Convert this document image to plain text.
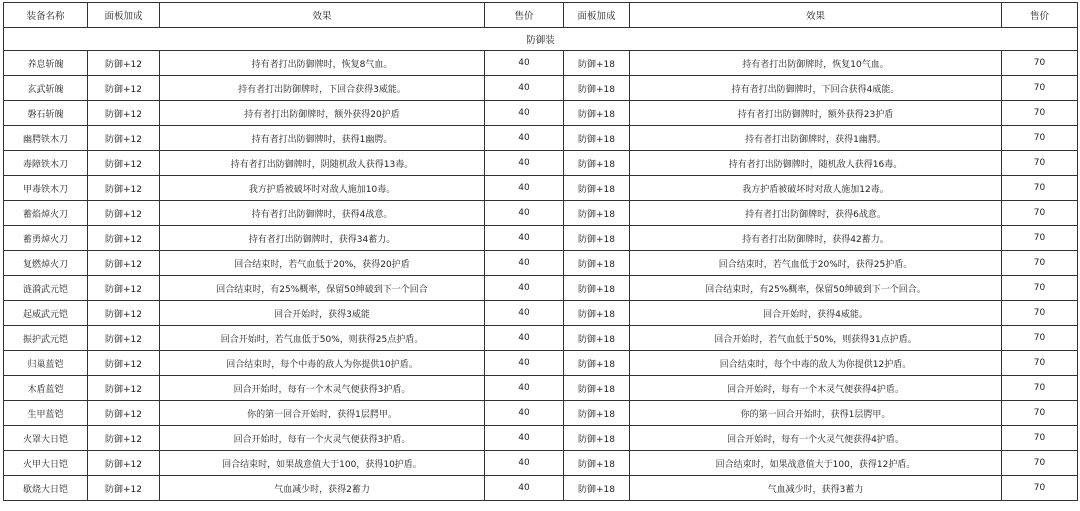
装备名称	面板加成	效果	售价	面板加成	效果	售价
防御装						
养息斩魄	防御+12	持有者打出防御牌时，恢复8气血。	40	防御+18	持有者打出防御牌时，恢复10气血。	70
玄武斩魄	防御+12	持有者打出防御牌时，下回合获得3威能。	40	防御+18	持有者打出防御牌时，下回合获得4威能。	70
磐石斩魄	防御+12	持有者打出防御牌时，额外获得20护盾	40	防御+18	持有者打出防御牌时，额外获得23护盾	70
幽腭铁木刀	防御+12	持有者打出防御牌时，获得1幽腭。	40	防御+18	持有者打出防御牌时，获得1幽腭。	70
毒障铁木刀	防御+12	持有者打出防御牌时，阴随机敌人获得13毒。	40	防御+18	持有者打出防御牌时，随机敌人获得16毒。	70
甲毒铁木刀	防御+12	我方护盾被破坏时对敌人施加10毒。	40	防御+18	我方护盾被破坏时对敌人施加12毒。	70
蓄焰焯火刀	防御+12	持有者打出防御牌时，获得4战意。	40	防御+18	持有者打出防御牌时，获得6战意。	70
蓄勇焯火刀	防御+12	持有者打出防御牌时，获得34蓄力。	40	防御+18	持有者打出防御牌时，获得42蓄力。	70
复燃焯火刀	防御+12	回合结束时，若气血低于20%，获得20护盾	40	防御+18	回合结束时，若气血低于20%时，获得25护盾。	70
涟漪武元铠	防御+12	回合结束时，有25%概率，保留50绅破到下一个回合	40	防御+18	回合结束时，有25%概率，保留50绅破到下一个回合。	70
起威武元铠	防御+12	回合开始时，获得3威能	40	防御+18	回合开始时，获得4威能。	70
振护武元铠	防御+12	回合开始时，若气血低于50%，则获得25点护盾。	40	防御+18	回合开始时，若气血低于50%，则获得31点护盾。	70
归巢蓝铠	防御+12	回合结束时，每个中毒的敌人为你提供10护盾。	40	防御+18	回合结束时，每个中毒的敌人为你提供12护盾。	70
木盾蓝铠	防御+12	回合开始时，每有一个木灵气便获得3护盾。	40	防御+18	回合开始时，每有一个木灵气便获得4护盾。	70
生甲蓝铠	防御+12	你的第一回合开始时，获得1层腭甲。	40	防御+18	你的第一回合开始时，获得1层腭甲。	70
火罩大日铠	防御+12	回合开始时，每有一个火灵气便获得3护盾。	40	防御+18	回合开始时，每有一个火灵气便获得4护盾。	70
火甲大日铠	防御+12	回合结束时，如果战意值大于100，获得10护盾。	40	防御+18	回合结束时，如果战意值大于100，获得12护盾。	70
歇烧大日铠	防御+12	气血减少时，获得2蓄力	40	防御+18	气血减少时，获得3蓄力	70
